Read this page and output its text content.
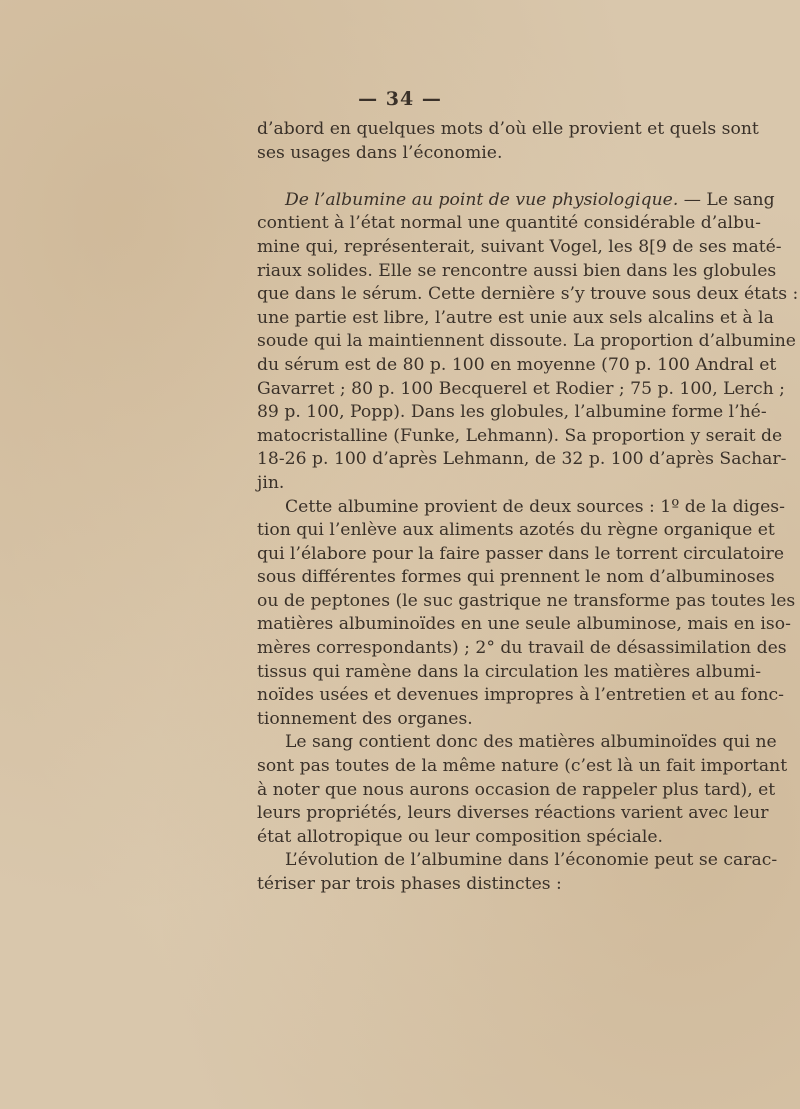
— 34 —
d’abord en quelques mots d’où elle provient et quels sont
ses usages dans l’économie.
De l’albumine au point de vue physiologique. — Le sang
contient à l’état normal une quantité considérable d’albu-
mine qui, représenterait, suivant Vogel, les 8[9 de ses maté-
riaux solides. Elle se rencontre aussi bien dans les globules
que dans le sérum. Cette dernière s’y trouve sous deux états :
une partie est libre, l’autre est unie aux sels alcalins et à la
soude qui la maintiennent dissoute. La proportion d’albumine
du sérum est de 80 p. 100 en moyenne (70 p. 100 Andral et
Gavarret ; 80 p. 100 Becquerel et Rodier ; 75 p. 100, Lerch ;
89 p. 100, Popp). Dans les globules, l’albumine forme l’hé-
matocristalline (Funke, Lehmann). Sa proportion y serait de
18-26 p. 100 d’après Lehmann, de 32 p. 100 d’après Sachar-
jin.
Cette albumine provient de deux sources : 1º de la diges-
tion qui l’enlève aux aliments azotés du règne organique et
qui l’élabore pour la faire passer dans le torrent circulatoire
sous différentes formes qui prennent le nom d’albuminoses
ou de peptones (le suc gastrique ne transforme pas toutes les
matières albuminoïdes en une seule albuminose, mais en iso-
mères correspondants) ; 2° du travail de désassimilation des
tissus qui ramène dans la circulation les matières albumi-
noïdes usées et devenues impropres à l’entretien et au fonc-
tionnement des organes.
Le sang contient donc des matières albuminoïdes qui ne
sont pas toutes de la même nature (c’est là un fait important
à noter que nous aurons occasion de rappeler plus tard), et
leurs propriétés, leurs diverses réactions varient avec leur
état allotropique ou leur composition spéciale.
L’évolution de l’albumine dans l’économie peut se carac-
tériser par trois phases distinctes :
